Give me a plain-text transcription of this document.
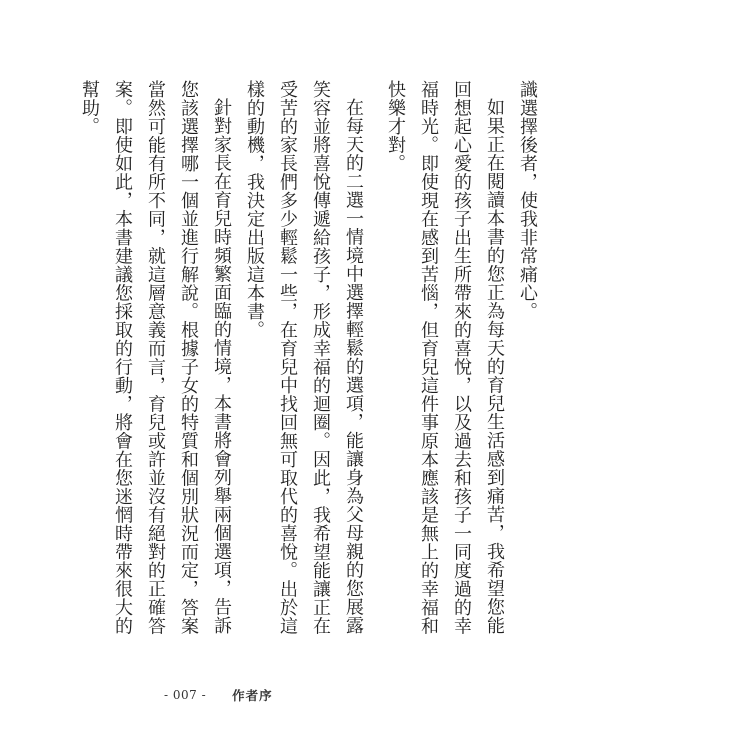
識選擇後者，使我非常痛心。

如果正在閱讀本書的您正為每天的育兒生活感到痛苦，我希望您能回想起心愛的孩子出生所帶來的喜悅，以及過去和孩子一同度過的幸福時光。即使現在感到苦惱，但育兒這件事原本應該是無上的幸福和快樂才對。

在每天的二選一情境中選擇輕鬆的選項，能讓身為父母親的您展露笑容並將喜悅傳遞給孩子，形成幸福的迴圈。因此，我希望能讓正在受苦的家長們多少輕鬆一些，在育兒中找回無可取代的喜悅。出於這樣的動機，我決定出版這本書。

針對家長在育兒時頻繁面臨的情境，本書將會列舉兩個選項，告訴您該選擇哪一個並進行解說。根據子女的特質和個別狀況而定，答案當然可能有所不同，就這層意義而言，育兒或許並沒有絕對的正確答案。即使如此，本書建議您採取的行動，將會在您迷惘時帶來很大的幫助。

- 007 - 作者序
